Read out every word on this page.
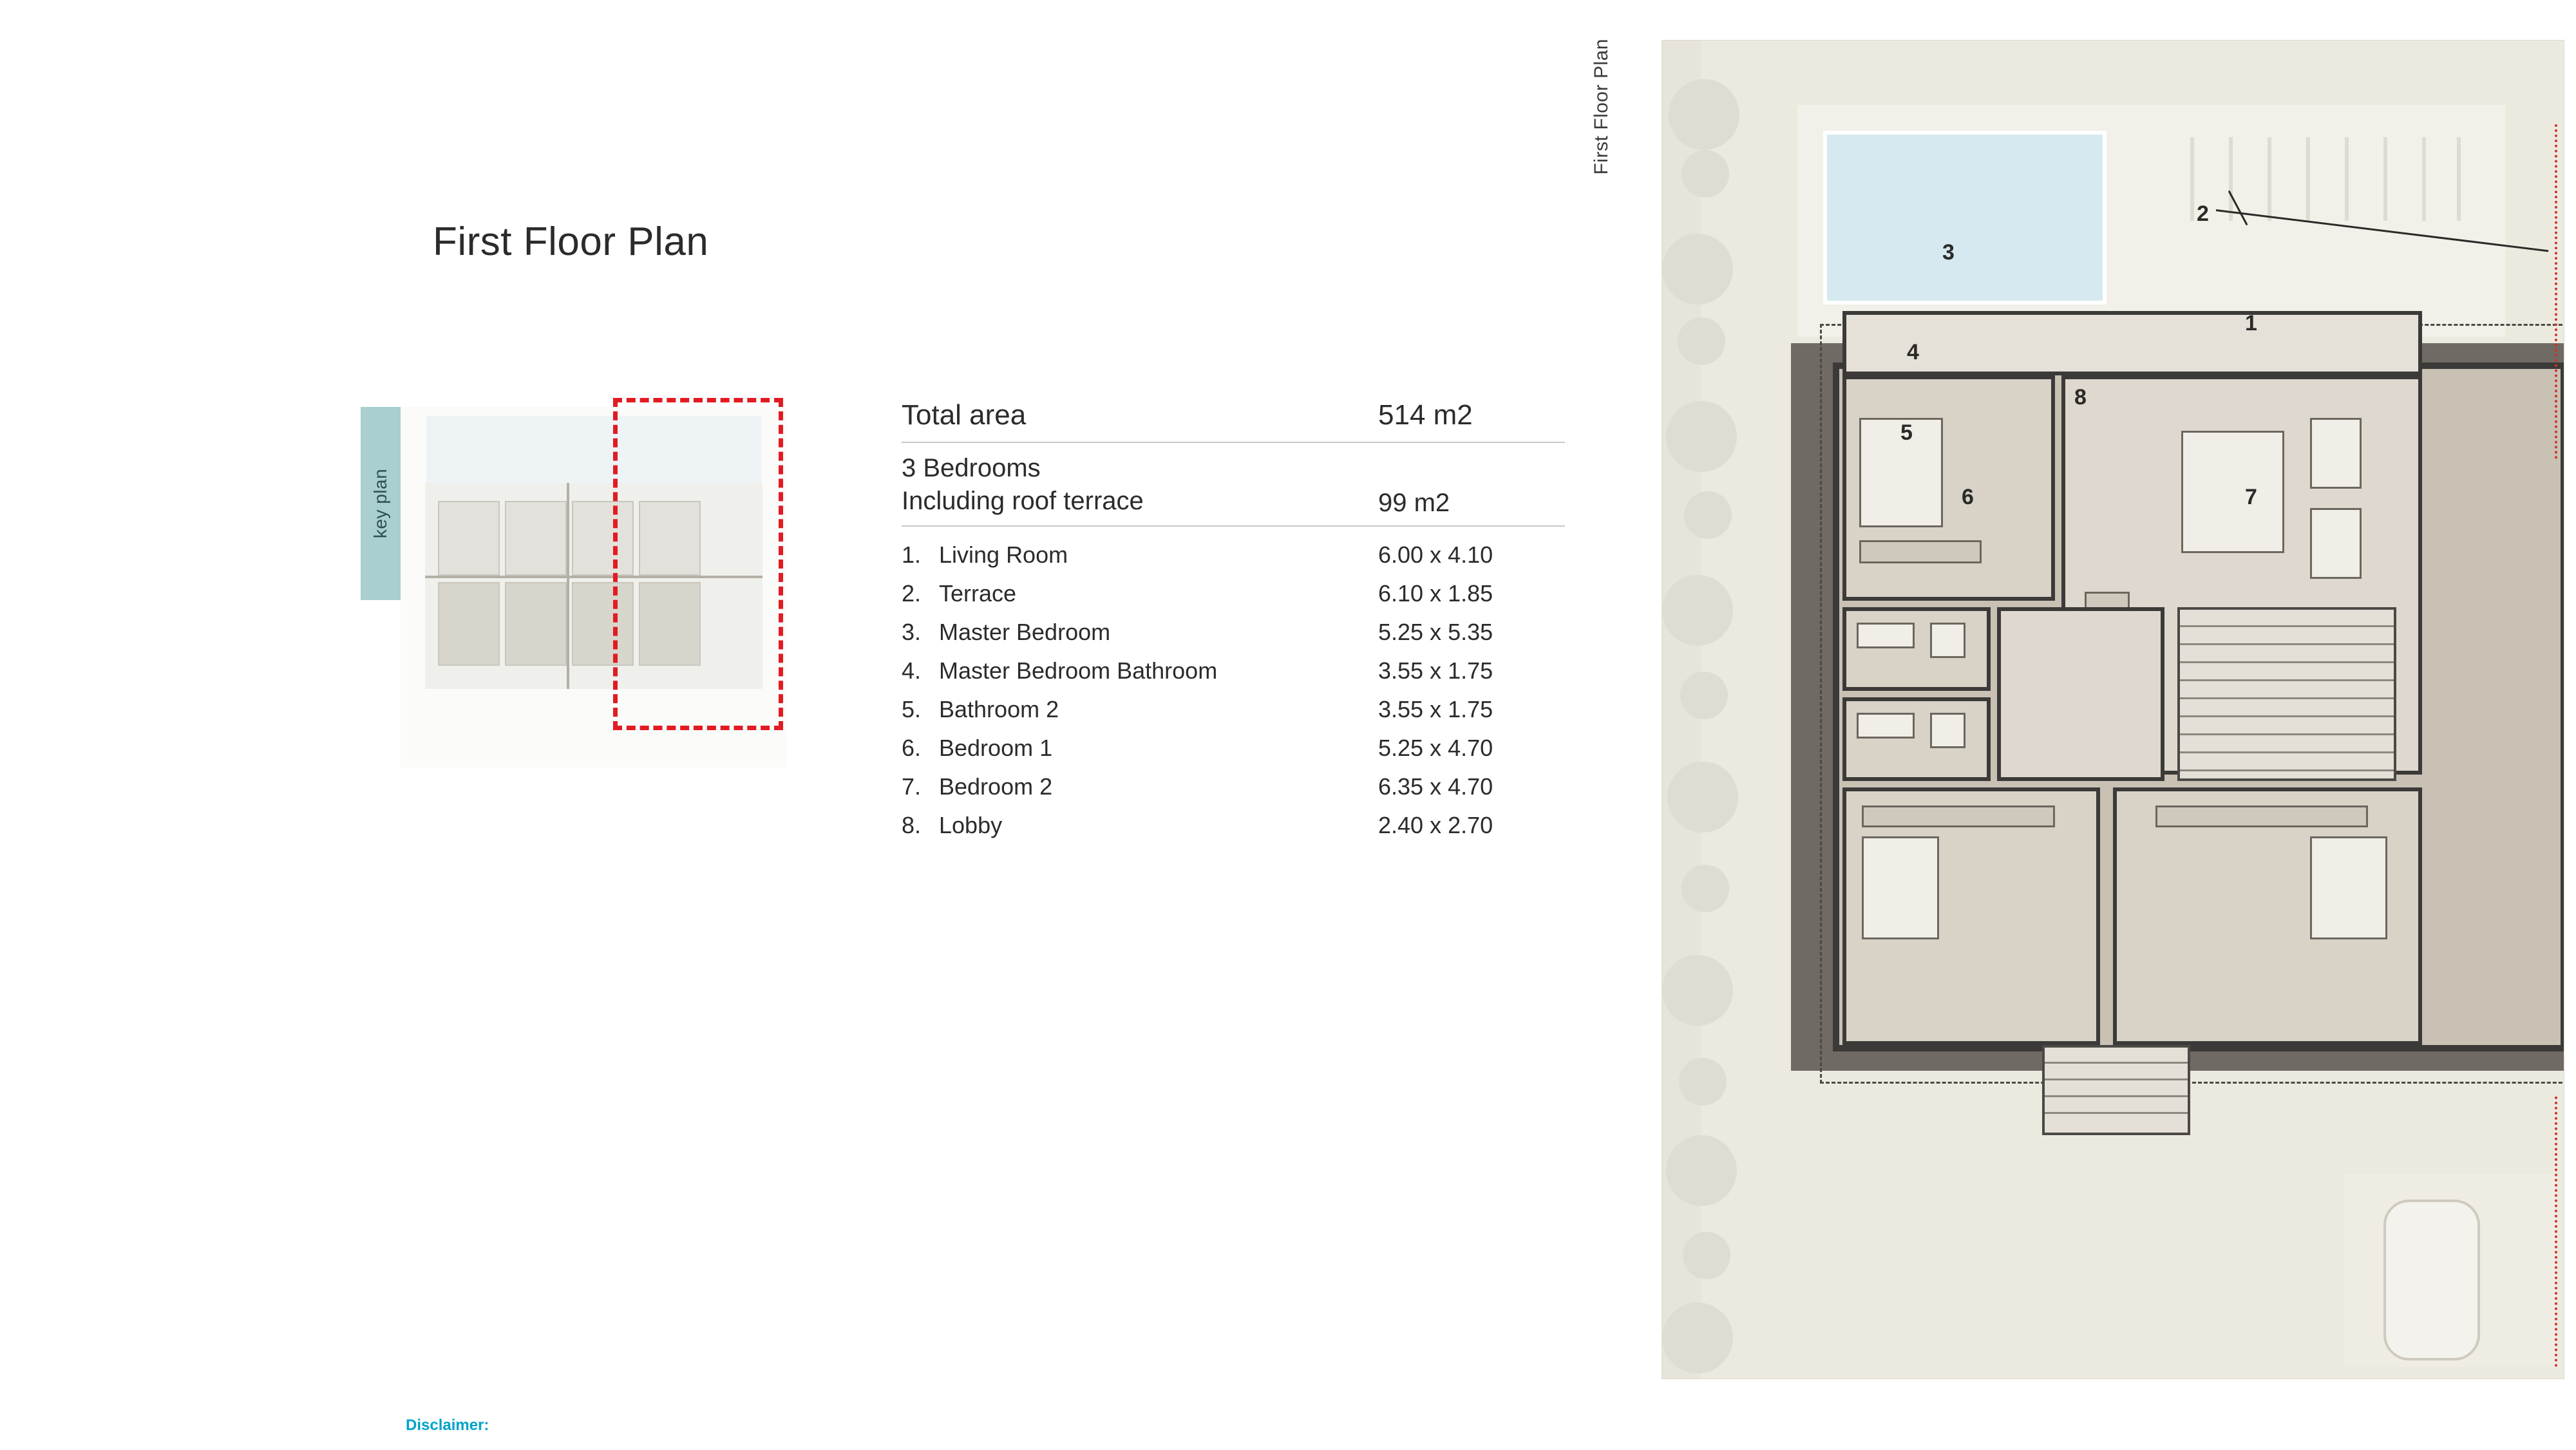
First Floor Plan
key plan
Total area	514 m2
3 Bedrooms
Including roof terrace	99 m2
1. Living Room	6.00 x 4.10
2. Terrace	6.10 x 1.85
3. Master Bedroom	5.25 x 5.35
4. Master Bedroom Bathroom	3.55 x 1.75
5. Bathroom 2	3.55 x 1.75
6. Bedroom 1	5.25 x 4.70
7. Bedroom 2	6.35 x 4.70
8. Lobby	2.40 x 2.70
First Floor Plan
1
2
3
4
5
6	7
8
Disclaimer:
